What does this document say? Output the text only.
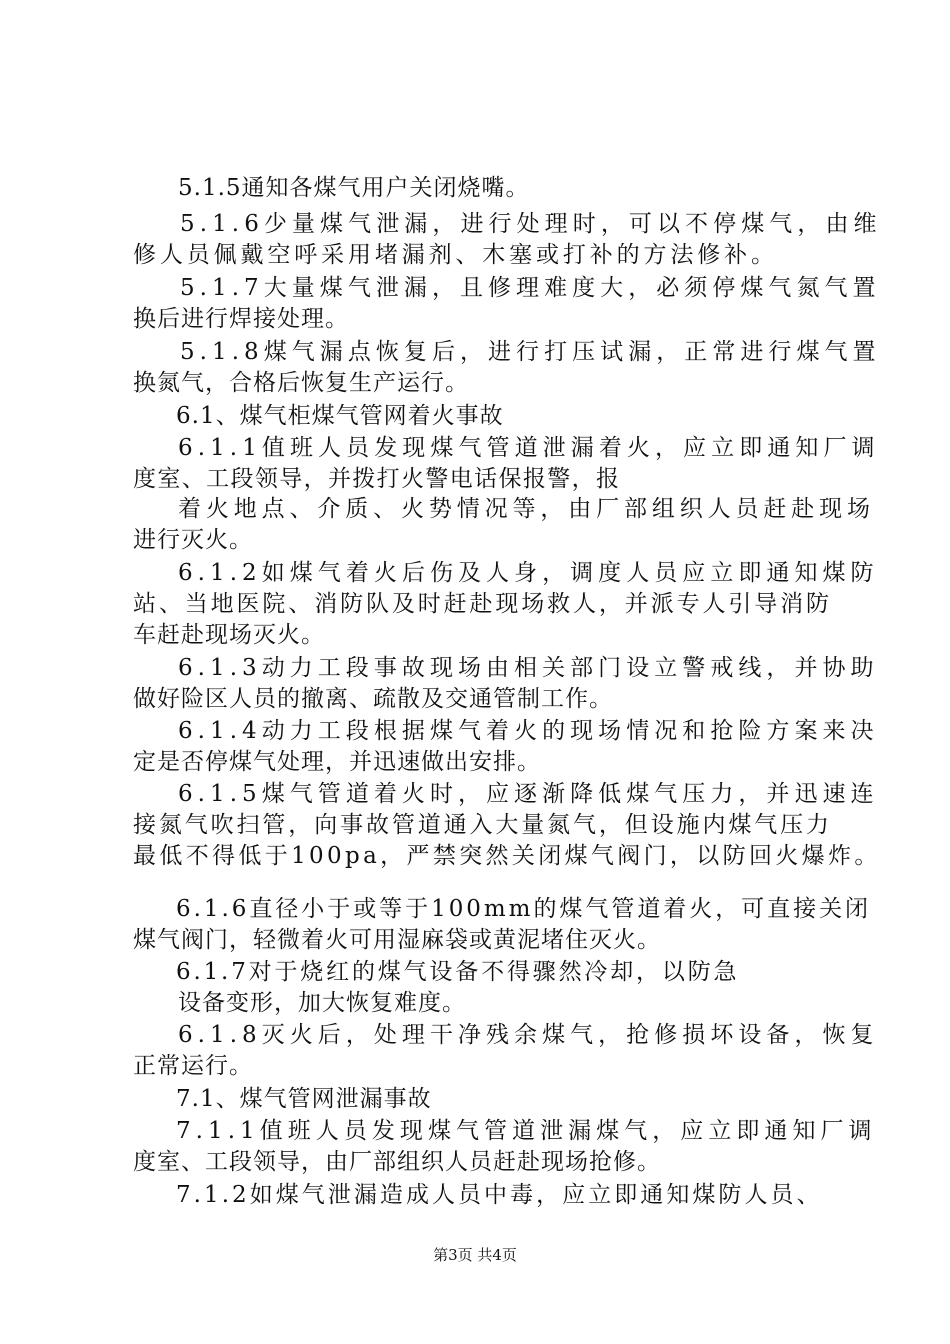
5.1.5通知各煤气用户关闭烧嘴。
5.1.6少量煤气泄漏，进行处理时，可以不停煤气，由维
修人员佩戴空呼采用堵漏剂、木塞或打补的方法修补。
5.1.7大量煤气泄漏，且修理难度大，必须停煤气氮气置
换后进行焊接处理。
5.1.8煤气漏点恢复后，进行打压试漏，正常进行煤气置
换氮气，合格后恢复生产运行。
6.1、煤气柜煤气管网着火事故
6.1.1值班人员发现煤气管道泄漏着火，应立即通知厂调
度室、工段领导，并拨打火警电话保报警，报
着火地点、介质、火势情况等，由厂部组织人员赶赴现场
进行灭火。
6.1.2如煤气着火后伤及人身，调度人员应立即通知煤防
站、当地医院、消防队及时赶赴现场救人，并派专人引导消防
车赶赴现场灭火。
6.1.3动力工段事故现场由相关部门设立警戒线，并协助
做好险区人员的撤离、疏散及交通管制工作。
6.1.4动力工段根据煤气着火的现场情况和抢险方案来决
定是否停煤气处理，并迅速做出安排。
6.1.5煤气管道着火时，应逐渐降低煤气压力，并迅速连
接氮气吹扫管，向事故管道通入大量氮气，但设施内煤气压力
最低不得低于100pa，严禁突然关闭煤气阀门，以防回火爆炸。
6.1.6直径小于或等于100mm的煤气管道着火，可直接关闭
煤气阀门，轻微着火可用湿麻袋或黄泥堵住灭火。
6.1.7对于烧红的煤气设备不得骤然冷却，以防急
设备变形，加大恢复难度。
6.1.8灭火后，处理干净残余煤气，抢修损坏设备，恢复
正常运行。
7.1、煤气管网泄漏事故
7.1.1值班人员发现煤气管道泄漏煤气，应立即通知厂调
度室、工段领导，由厂部组织人员赶赴现场抢修。
7.1.2如煤气泄漏造成人员中毒，应立即通知煤防人员、
第3页 共4页
